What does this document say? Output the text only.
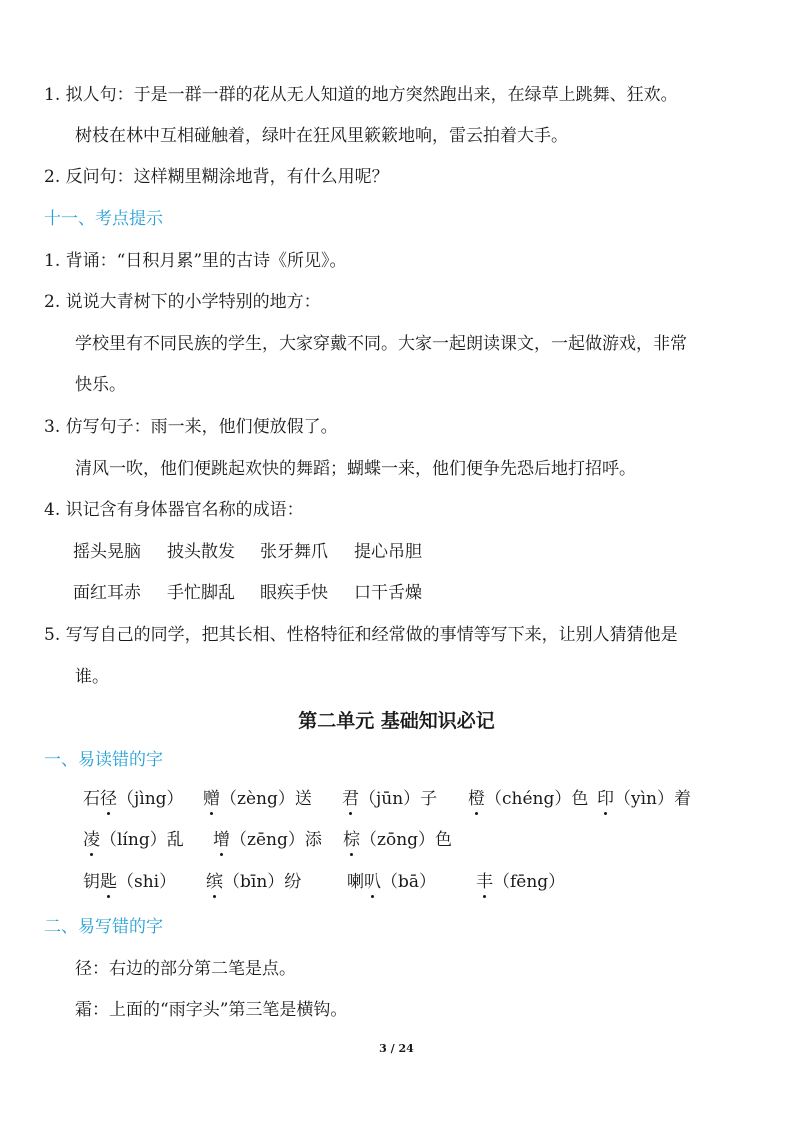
1. 拟人句：于是一群一群的花从无人知道的地方突然跑出来，在绿草上跳舞、狂欢。
树枝在林中互相碰触着，绿叶在狂风里簌簌地响，雷云拍着大手。
2. 反问句：这样糊里糊涂地背，有什么用呢？
十一、考点提示
1. 背诵：“日积月累”里的古诗《所见》。
2. 说说大青树下的小学特别的地方：
学校里有不同民族的学生，大家穿戴不同。大家一起朗读课文，一起做游戏，非常
快乐。
3. 仿写句子：雨一来，他们便放假了。
清风一吹，他们便跳起欢快的舞蹈；蝴蝶一来，他们便争先恐后地打招呼。
4. 识记含有身体器官名称的成语：
摇头晃脑 披头散发 张牙舞爪 提心吊胆
面红耳赤 手忙脚乱 眼疾手快 口干舌燥
5. 写写自己的同学，把其长相、性格特征和经常做的事情等写下来，让别人猜猜他是
谁。
第二单元 基础知识必记
一、易读错的字
石径（jìng） 赠（zèng）送 君（jūn）子 橙（chéng）色 印（yìn）着
凌（líng）乱 增（zēng）添 棕（zōng）色
钥匙（shi） 缤（bīn）纷	喇叭（bā） 丰（fēng）
二、易写错的字
径：右边的部分第二笔是点。
霜：上面的“雨字头”第三笔是横钩。
3 / 24
